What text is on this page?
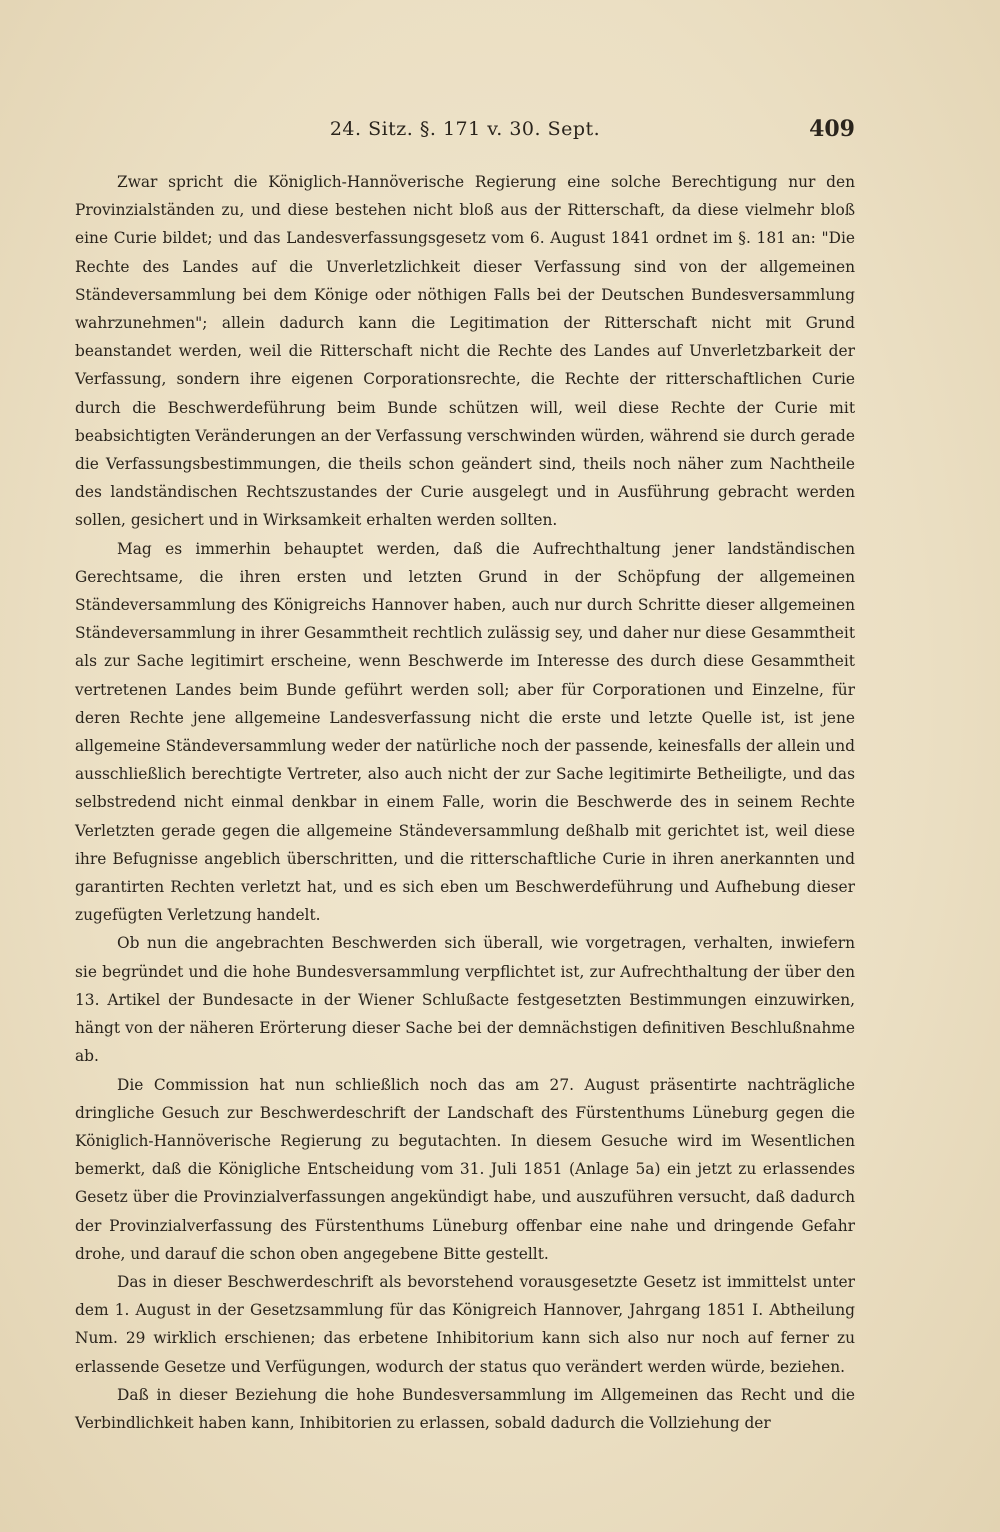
24. Sitz. §. 171 v. 30. Sept.	409

Zwar spricht die Königlich-Hannöverische Regierung eine solche Berechtigung nur den Provinzialständen zu, und diese bestehen nicht bloß aus der Ritterschaft, da diese vielmehr bloß eine Curie bildet; und das Landesverfassungsgesetz vom 6. August 1841 ordnet im §. 181 an: "Die Rechte des Landes auf die Unverletzlichkeit dieser Verfassung sind von der allgemeinen Ständeversammlung bei dem Könige oder nöthigen Falls bei der Deutschen Bundesversammlung wahrzunehmen"; allein dadurch kann die Legitimation der Ritterschaft nicht mit Grund beanstandet werden, weil die Ritterschaft nicht die Rechte des Landes auf Unverletzbarkeit der Verfassung, sondern ihre eigenen Corporationsrechte, die Rechte der ritterschaftlichen Curie durch die Beschwerdeführung beim Bunde schützen will, weil diese Rechte der Curie mit beabsichtigten Veränderungen an der Verfassung verschwinden würden, während sie durch gerade die Verfassungsbestimmungen, die theils schon geändert sind, theils noch näher zum Nachtheile des landständischen Rechtszustandes der Curie ausgelegt und in Ausführung gebracht werden sollen, gesichert und in Wirksamkeit erhalten werden sollten.

Mag es immerhin behauptet werden, daß die Aufrechthaltung jener landständischen Gerechtsame, die ihren ersten und letzten Grund in der Schöpfung der allgemeinen Ständeversammlung des Königreichs Hannover haben, auch nur durch Schritte dieser allgemeinen Ständeversammlung in ihrer Gesammtheit rechtlich zulässig sey, und daher nur diese Gesammtheit als zur Sache legitimirt erscheine, wenn Beschwerde im Interesse des durch diese Gesammtheit vertretenen Landes beim Bunde geführt werden soll; aber für Corporationen und Einzelne, für deren Rechte jene allgemeine Landesverfassung nicht die erste und letzte Quelle ist, ist jene allgemeine Ständeversammlung weder der natürliche noch der passende, keinesfalls der allein und ausschließlich berechtigte Vertreter, also auch nicht der zur Sache legitimirte Betheiligte, und das selbstredend nicht einmal denkbar in einem Falle, worin die Beschwerde des in seinem Rechte Verletzten gerade gegen die allgemeine Ständeversammlung deßhalb mit gerichtet ist, weil diese ihre Befugnisse angeblich überschritten, und die ritterschaftliche Curie in ihren anerkannten und garantirten Rechten verletzt hat, und es sich eben um Beschwerdeführung und Aufhebung dieser zugefügten Verletzung handelt.

Ob nun die angebrachten Beschwerden sich überall, wie vorgetragen, verhalten, inwiefern sie begründet und die hohe Bundesversammlung verpflichtet ist, zur Aufrechthaltung der über den 13. Artikel der Bundesacte in der Wiener Schlußacte festgesetzten Bestimmungen einzuwirken, hängt von der näheren Erörterung dieser Sache bei der demnächstigen definitiven Beschlußnahme ab.

Die Commission hat nun schließlich noch das am 27. August präsentirte nachträgliche dringliche Gesuch zur Beschwerdeschrift der Landschaft des Fürstenthums Lüneburg gegen die Königlich-Hannöverische Regierung zu begutachten. In diesem Gesuche wird im Wesentlichen bemerkt, daß die Königliche Entscheidung vom 31. Juli 1851 (Anlage 5a) ein jetzt zu erlassendes Gesetz über die Provinzialverfassungen angekündigt habe, und auszuführen versucht, daß dadurch der Provinzialverfassung des Fürstenthums Lüneburg offenbar eine nahe und dringende Gefahr drohe, und darauf die schon oben angegebene Bitte gestellt.

Das in dieser Beschwerdeschrift als bevorstehend vorausgesetzte Gesetz ist immittelst unter dem 1. August in der Gesetzsammlung für das Königreich Hannover, Jahrgang 1851 I. Abtheilung Num. 29 wirklich erschienen; das erbetene Inhibitorium kann sich also nur noch auf ferner zu erlassende Gesetze und Verfügungen, wodurch der status quo verändert werden würde, beziehen.

Daß in dieser Beziehung die hohe Bundesversammlung im Allgemeinen das Recht und die Verbindlichkeit haben kann, Inhibitorien zu erlassen, sobald dadurch die Vollziehung der
